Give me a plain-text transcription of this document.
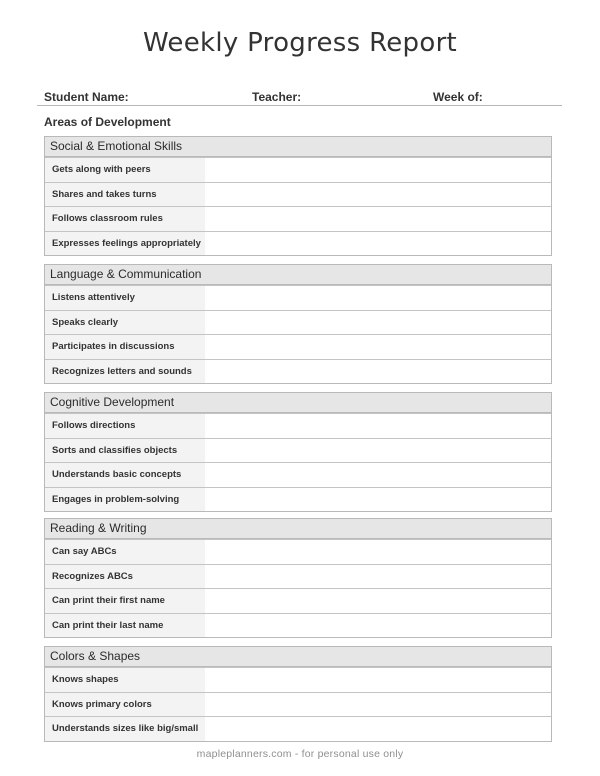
Weekly Progress Report
Student Name:	Teacher:	Week of:
Areas of Development
Social & Emotional Skills
Gets along with peers
Shares and takes turns
Follows classroom rules
Expresses feelings appropriately
Language & Communication
Listens attentively
Speaks clearly
Participates in discussions
Recognizes letters and sounds
Cognitive Development
Follows directions
Sorts and classifies objects
Understands basic concepts
Engages in problem-solving
Reading & Writing
Can say ABCs
Recognizes ABCs
Can print their first name
Can print their last name
Colors & Shapes
Knows shapes
Knows primary colors
Understands sizes like big/small
mapleplanners.com - for personal use only
